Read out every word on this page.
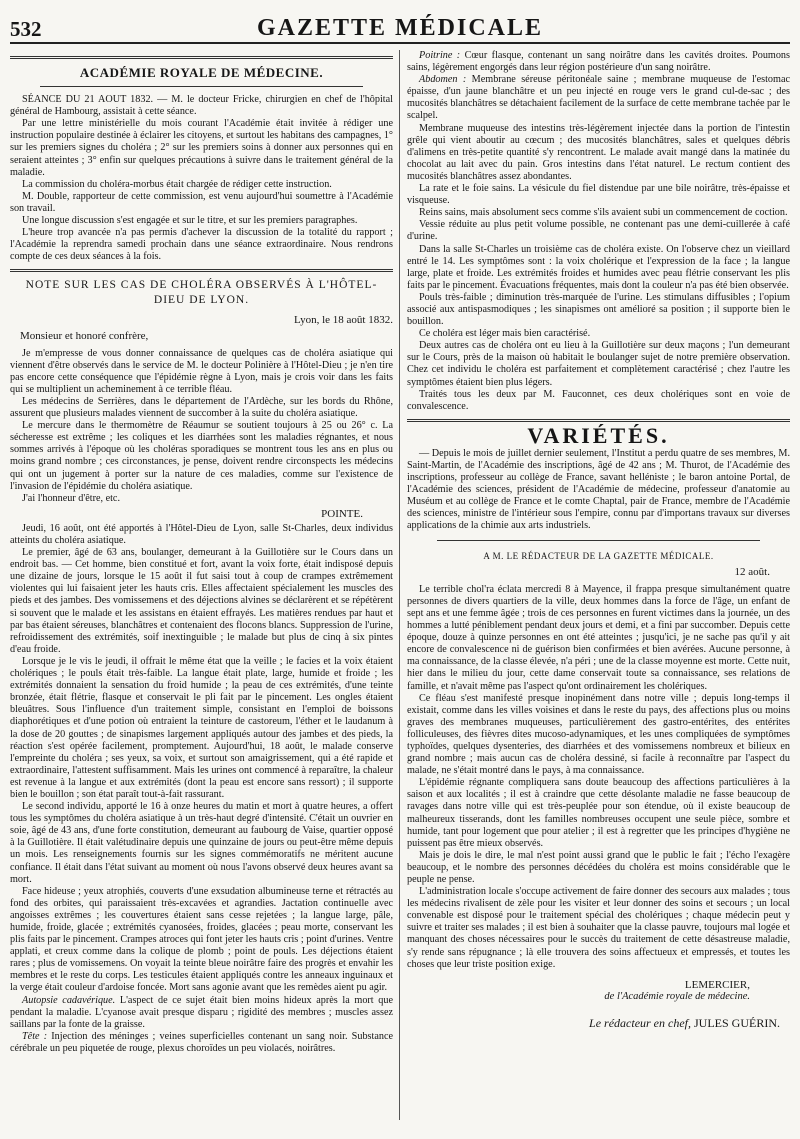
532	GAZETTE MÉDICALE
ACADÉMIE ROYALE DE MÉDECINE.

SÉANCE DU 21 AOUT 1832. — M. le docteur Fricke, chirurgien en chef de l'hôpital général de Hambourg, assistait à cette séance.

Par une lettre ministérielle du mois courant l'Académie était invitée à rédiger une instruction populaire destinée à éclairer les citoyens, et surtout les habitans des campagnes, 1° sur les premiers signes du choléra ; 2° sur les premiers soins à donner aux personnes qui en seraient atteintes ; 3° enfin sur quelques précautions à suivre dans le traitement général de la maladie.

La commission du choléra-morbus était chargée de rédiger cette instruction.

M. Double, rapporteur de cette commission, est venu aujourd'hui soumettre à l'Académie son travail.

Une longue discussion s'est engagée et sur le titre, et sur les premiers paragraphes.

L'heure trop avancée n'a pas permis d'achever la discussion de la totalité du rapport ; l'Académie la reprendra samedi prochain dans une séance extraordinaire. Nous rendrons compte de ces deux séances à la fois.

NOTE SUR LES CAS DE CHOLÉRA OBSERVÉS À L'HÔTEL-DIEU DE LYON.
Lyon, le 18 août 1832.
Monsieur et honoré confrère,

Je m'empresse de vous donner connaissance de quelques cas de choléra asiatique qui viennent d'être observés dans le service de M. le docteur Polinière à l'Hôtel-Dieu ; je n'en tire pas encore cette conséquence que l'épidémie règne à Lyon, mais je crois voir dans les faits qui se multiplient un acheminement à ce terrible fléau.

Les médecins de Serrières, dans le département de l'Ardèche, sur les bords du Rhône, assurent que plusieurs malades viennent de succomber à la suite du choléra asiatique.

Le mercure dans le thermomètre de Réaumur se soutient toujours à 25 ou 26° c. La sécheresse est extrême ; les coliques et les diarrhées sont les maladies régnantes, et nous sommes arrivés à l'époque où les choléras sporadiques se montrent tous les ans en plus ou moins grand nombre ; ces circonstances, je pense, doivent rendre circonspects les médecins qui ont un jugement à porter sur la nature de ces maladies, comme sur l'existence de l'invasion de l'épidémie du choléra asiatique.

J'ai l'honneur d'être, etc.

POINTE.

Jeudi, 16 août, ont été apportés à l'Hôtel-Dieu de Lyon, salle St-Charles, deux individus atteints du choléra asiatique.

Le premier, âgé de 63 ans, boulanger, demeurant à la Guillotière sur le Cours dans un endroit bas. — Cet homme, bien constitué et fort, avant la voix forte, était indisposé depuis une dizaine de jours, lorsque le 15 août il fut saisi tout à coup de crampes extrêmement violentes qui lui faisaient jeter les hauts cris. Elles affectaient spécialement les muscles des pieds et des jambes. Des vomissemens et des déjections alvines se déclarèrent et se répétèrent si souvent que le malade et les assistans en étaient effrayés. Les matières rendues par haut et par bas étaient séreuses, blanchâtres et contenaient des flocons blancs. Suppression de l'urine, refroidissement des extrémités, soif inextinguible ; le malade but plus de cinq à six pintes d'eau froide.

Lorsque je le vis le jeudi, il offrait le même état que la veille ; le facies et la voix étaient cholériques ; le pouls était très-faible. La langue était plate, large, humide et froide ; les extrémités donnaient la sensation du froid humide ; la peau de ces extrémités, d'une teinte bronzée, était flétrie, flasque et conservait le pli fait par le pincement. Les ongles étaient bleuâtres. Sous l'influence d'un traitement simple, consistant en l'emploi de boissons diaphorétiques et d'une potion où entraient la teinture de castoreum, l'éther et le laudanum à la dose de 20 gouttes ; de sinapismes largement appliqués autour des jambes et des pieds, la réaction s'est opérée facilement, promptement. Aujourd'hui, 18 août, le malade conserve l'empreinte du choléra ; ses yeux, sa voix, et surtout son amaigrissement, qui a été rapide et extraordinaire, l'attestent suffisamment. Mais les urines ont commencé à reparaître, la chaleur est revenue à la langue et aux extrémités (dont la peau est encore sans ressort) ; il supporte bien le bouillon ; son état paraît tout-à-fait rassurant.

Le second individu, apporté le 16 à onze heures du matin et mort à quatre heures, a offert tous les symptômes du choléra asiatique à un très-haut degré d'intensité. C'était un ouvrier en soie, âgé de 43 ans, d'une forte constitution, demeurant au faubourg de Vaise, quartier opposé à la Guillotière. Il était valétudinaire depuis une quinzaine de jours ou peut-être même depuis un mois. Les renseignements fournis sur les signes commémoratifs ne méritent aucune confiance. Il était dans l'état suivant au moment où nous l'avons observé deux heures avant sa mort.

Face hideuse ; yeux atrophiés, couverts d'une exsudation albumineuse terne et rétractés au fond des orbites, qui paraissaient très-excavées et agrandies. Jactation continuelle avec angoisses extrêmes ; les couvertures étaient sans cesse rejetées ; la langue large, pâle, humide, froide, glacée ; extrémités cyanosées, froides, glacées ; peau morte, conservant les plis faits par le pincement. Crampes atroces qui font jeter les hauts cris ; point d'urines. Ventre applati, et creux comme dans la colique de plomb ; point de pouls. Les déjections étaient rares ; plus de vomissemens. On voyait la teinte bleue noirâtre faire des progrès et envahir les membres et le reste du corps. Les testicules étaient appliqués contre les anneaux inguinaux et la verge était couleur d'ardoise foncée. Mort sans agonie avant que les remèdes aient pu agir.

Autopsie cadavérique. L'aspect de ce sujet était bien moins hideux après la mort que pendant la maladie. L'cyanose avait presque disparu ; rigidité des membres ; muscles assez saillans par la fonte de la graisse.

Tête : Injection des méninges ; veines superficielles contenant un sang noir. Substance cérébrale un peu piquetée de rouge, plexus choroïdes un peu violacés, noirâtres.

Poitrine : Cœur flasque, contenant un sang noirâtre dans les cavités droites. Poumons sains, légèrement engorgés dans leur région postérieure d'un sang noirâtre.

Abdomen : Membrane séreuse péritonéale saine ; membrane muqueuse de l'estomac épaisse, d'un jaune blanchâtre et un peu injecté en rouge vers le grand cul-de-sac ; des mucosités blanchâtres se détachaient facilement de la surface de cette membrane tachée par le scalpel.

Membrane muqueuse des intestins très-légèrement injectée dans la portion de l'intestin grêle qui vient aboutir au cœcum ; des mucosités blanchâtres, sales et quelques débris d'alimens en très-petite quantité s'y rencontrent. Le malade avait mangé dans la matinée du chocolat au lait avec du pain. Gros intestins dans l'état naturel. Le rectum contient des mucosités blanchâtres assez abondantes.

La rate et le foie sains. La vésicule du fiel distendue par une bile noirâtre, très-épaisse et visqueuse.

Reins sains, mais absolument secs comme s'ils avaient subi un commencement de coction.

Vessie réduite au plus petit volume possible, ne contenant pas une demi-cuillerée à café d'urine.

Dans la salle St-Charles un troisième cas de choléra existe. On l'observe chez un vieillard entré le 14. Les symptômes sont : la voix cholérique et l'expression de la face ; la langue large, plate et froide. Les extrémités froides et humides avec peau flétrie conservant les plis faits par le pincement. Évacuations fréquentes, mais dont la couleur n'a pas été bien observée.

Pouls très-faible ; diminution très-marquée de l'urine. Les stimulans diffusibles ; l'opium associé aux antispasmodiques ; les sinapismes ont amélioré sa position ; il supporte bien le bouillon.

Ce choléra est léger mais bien caractérisé.

Deux autres cas de choléra ont eu lieu à la Guillotière sur deux maçons ; l'un demeurant sur le Cours, près de la maison où habitait le boulanger sujet de notre première observation. Chez cet individu le choléra est parfaitement et complètement caractérisé ; chez l'autre les symptômes étaient bien plus légers.

Traités tous les deux par M. Fauconnet, ces deux cholériques sont en voie de convalescence.

VARIÉTÉS.

— Depuis le mois de juillet dernier seulement, l'Institut a perdu quatre de ses membres, M. Saint-Martin, de l'Académie des inscriptions, âgé de 42 ans ; M. Thurot, de l'Académie des inscriptions, professeur au collège de France, savant helléniste ; le baron antoine Portal, de l'Académie des sciences, président de l'Académie de médecine, professeur d'anatomie au Muséum et au collège de France et le comte Chaptal, pair de France, membre de l'Académie des sciences, ministre de l'intérieur sous l'empire, connu par d'importans travaux sur diverses applications de la chimie aux arts industriels.

A M. LE RÉDACTEUR DE LA GAZETTE MÉDICALE.
12 août.

Le terrible chol'ra éclata mercredi 8 à Mayence, il frappa presque simultanément quatre personnes de divers quartiers de la ville, deux hommes dans la force de l'âge, un enfant de sept ans et une femme âgée ; trois de ces personnes en furent victimes dans la journée, un des hommes a lutté péniblement pendant deux jours et demi, et a fini par succomber. Depuis cette époque, douze à quinze personnes en ont été atteintes ; jusqu'ici, je ne sache pas qu'il y ait encore de convalescence ni de guérison bien confirmées et bien avérées. Aucune personne, à ma connaissance, de la classe élevée, n'a péri ; une de la classe moyenne est morte. Cette nuit, hier dans le milieu du jour, cette dame conservait toute sa connaissance, ses relations de famille, et n'avait même pas l'aspect qu'ont ordinairement les cholériques.

Ce fléau s'est manifesté presque inopinément dans notre ville ; depuis long-temps il existait, comme dans les villes voisines et dans le reste du pays, des affections plus ou moins graves des membranes muqueuses, particulièrement des gastro-entérites, des entérites folliculeuses, des fièvres dites mucoso-adynamiques, et les unes compliquées de symptômes typhoïdes, quelques dysenteries, des diarrhées et des vomissemens nombreux et bilieux en grand nombre ; mais aucun cas de choléra dessiné, si facile à reconnaître par l'aspect du malade, ne s'était montré dans le pays, à ma connaissance.

L'épidémie régnante compliquera sans doute beaucoup des affections particulières à la saison et aux localités ; il est à craindre que cette désolante maladie ne fasse beaucoup de ravages dans notre ville qui est très-peuplée pour son étendue, où il existe beaucoup de malheureux tisserands, dont les familles nombreuses occupent une seule pièce, sombre et humide, tant pour logement que pour atelier ; il est à regretter que les principes d'hygiène ne puissent pas être mieux observés.

Mais je dois le dire, le mal n'est point aussi grand que le public le fait ; l'écho l'exagère beaucoup, et le nombre des personnes décédées du choléra est moins considérable que le peuple ne pense.

L'administration locale s'occupe activement de faire donner des secours aux malades ; tous les médecins rivalisent de zèle pour les visiter et leur donner des soins et secours ; un local convenable est disposé pour le traitement spécial des cholériques ; chaque médecin peut y suivre et traiter ses malades ; il est bien à souhaiter que la classe pauvre, toujours mal logée et manquant des choses nécessaires pour le succès du traitement de cette désastreuse maladie, s'y rende sans répugnance ; là elle trouvera des soins affectueux et empressés, et toutes les choses que leur triste position exige.

LEMERCIER,
de l'Académie royale de médecine.
Le rédacteur en chef, JULES GUÉRIN.
